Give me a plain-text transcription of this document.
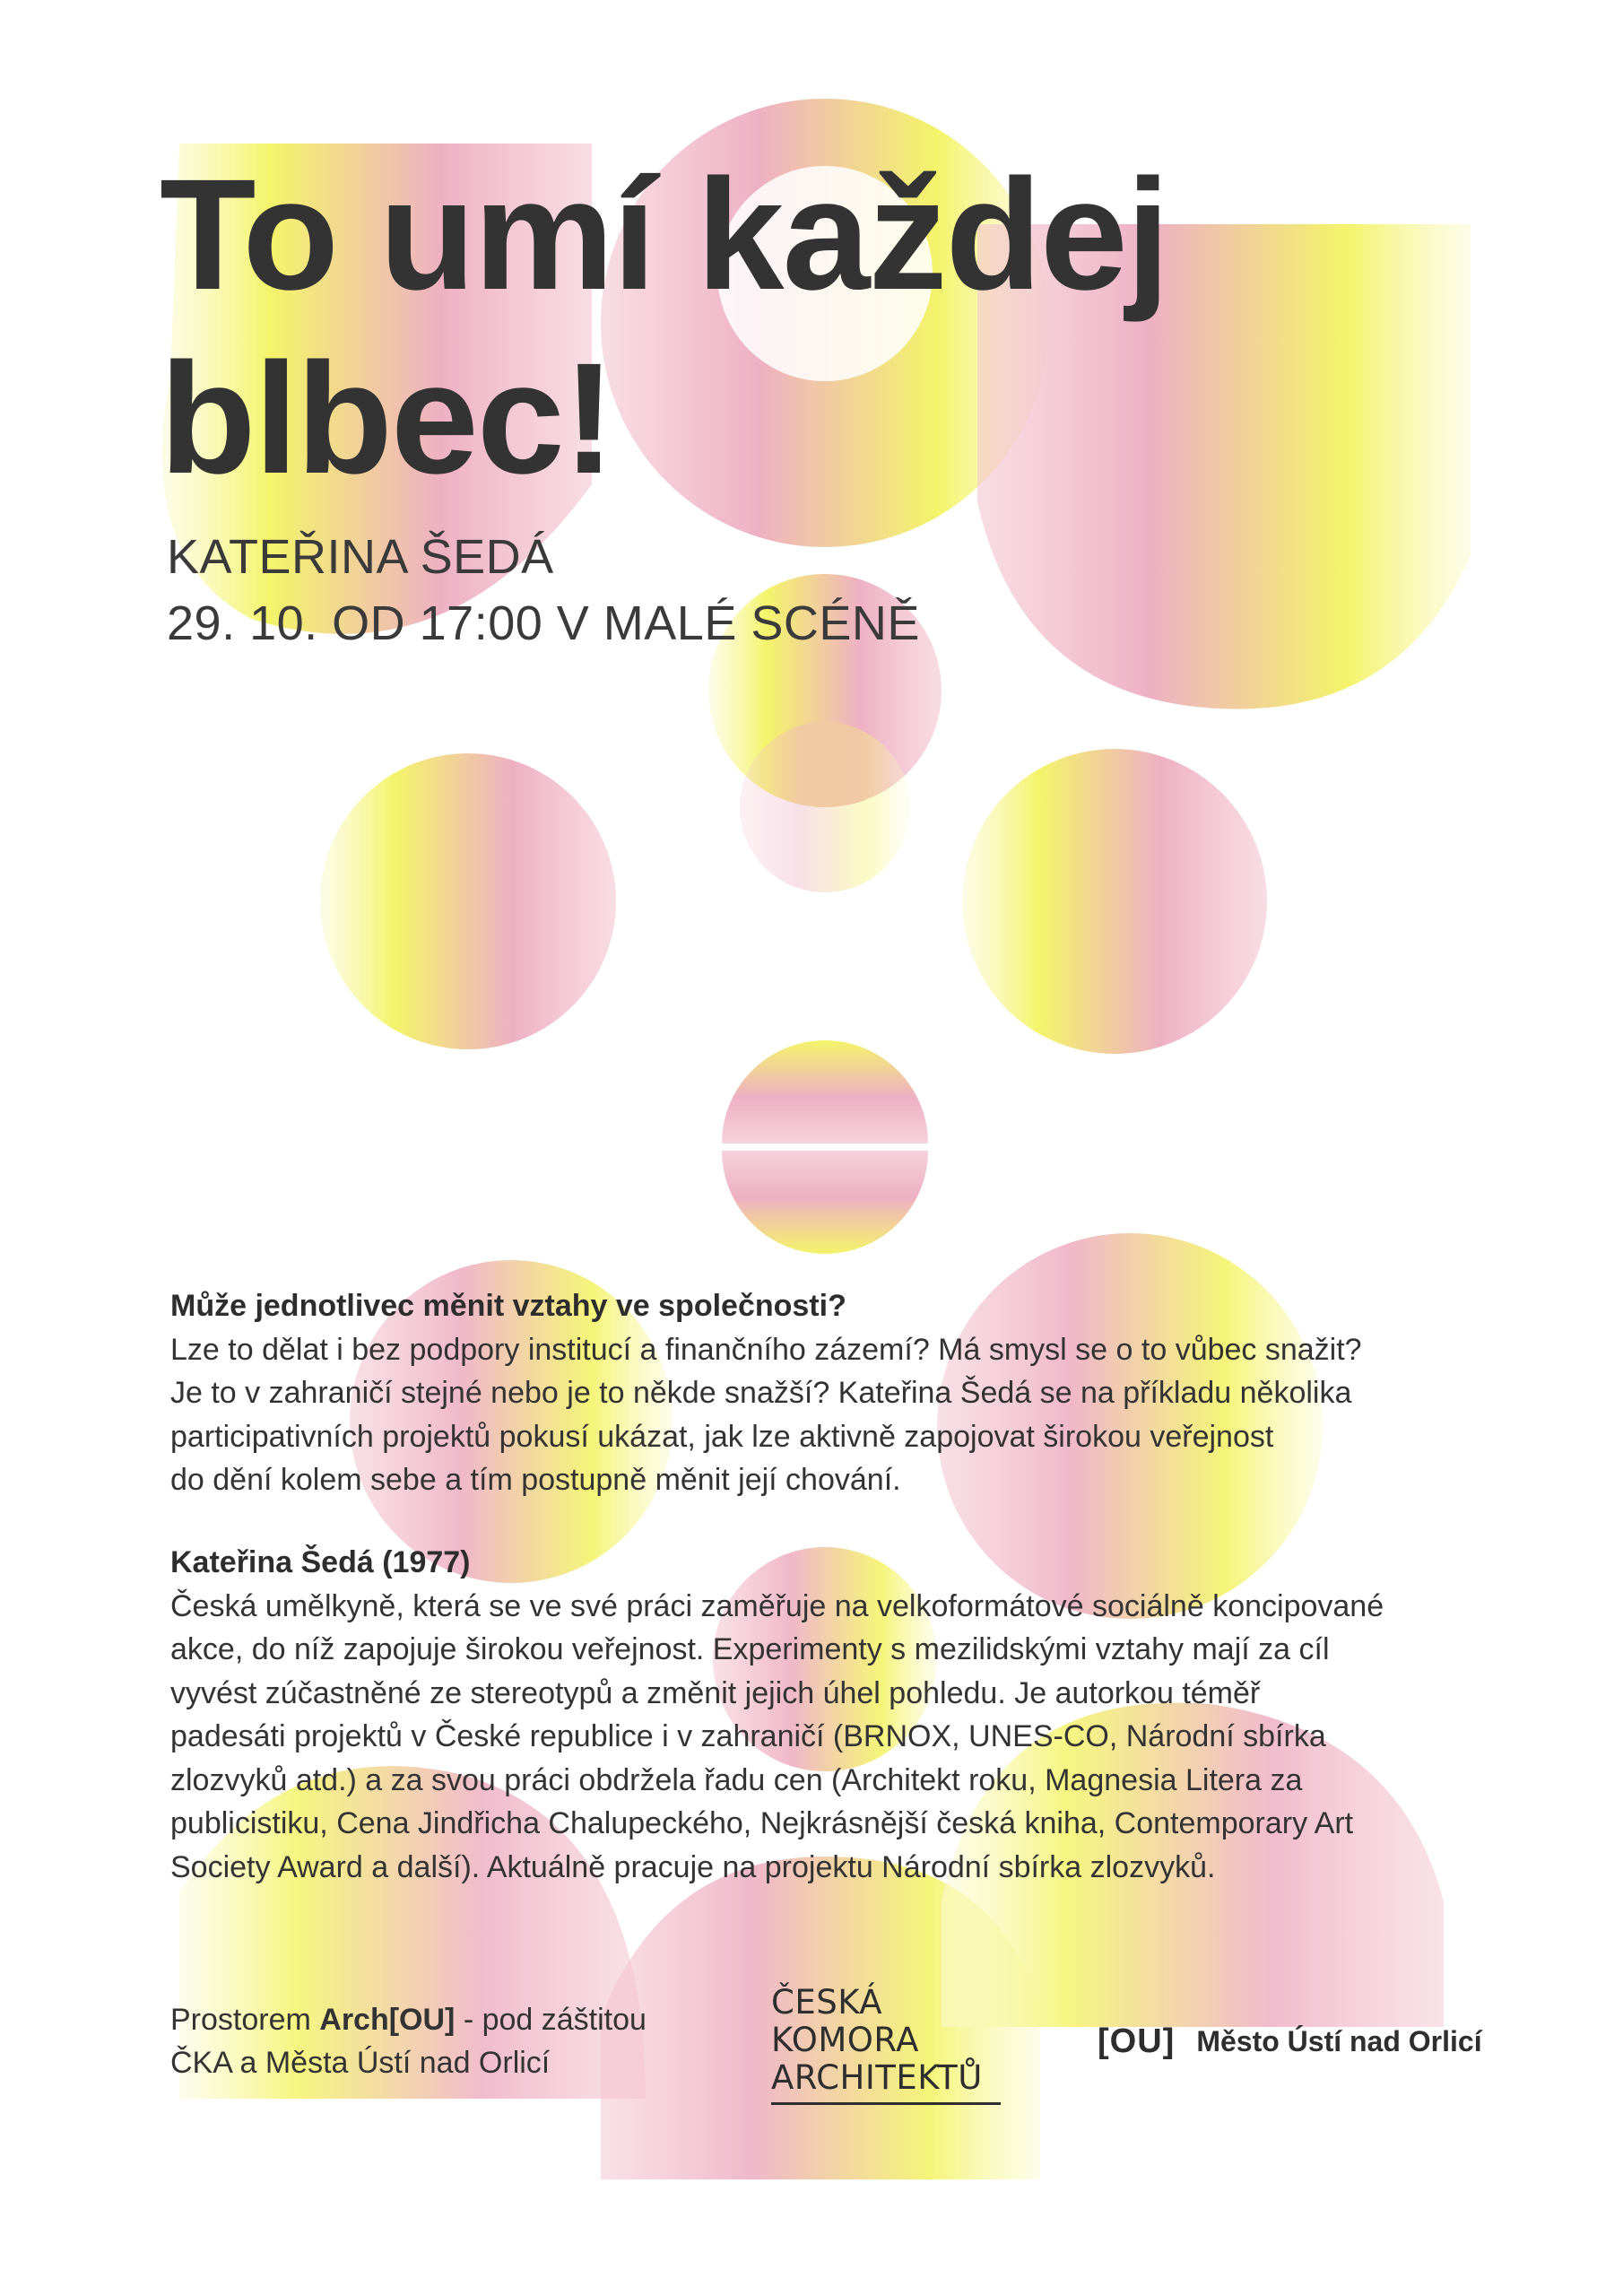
To umí každej
blbec!
KATEŘINA ŠEDÁ
29. 10. OD 17:00 V MALÉ SCÉNĚ
Může jednotlivec měnit vztahy ve společnosti?
Lze to dělat i bez podpory institucí a finančního zázemí? Má smysl se o to vůbec snažit?
Je to v zahraničí stejné nebo je to někde snažší? Kateřina Šedá se na příkladu několika
participativních projektů pokusí ukázat, jak lze aktivně zapojovat širokou veřejnost
do dění kolem sebe a tím postupně měnit její chování.
Kateřina Šedá (1977)
Česká umělkyně, která se ve své práci zaměřuje na velkoformátové sociálně koncipované
akce, do níž zapojuje širokou veřejnost. Experimenty s mezilidskými vztahy mají za cíl
vyvést zúčastněné ze stereotypů a změnit jejich úhel pohledu. Je autorkou téměř
padesáti projektů v České republice i v zahraničí (BRNOX, UNES-CO, Národní sbírka
zlozvyků atd.) a za svou práci obdržela řadu cen (Architekt roku, Magnesia Litera za
publicistiku, Cena Jindřicha Chalupeckého, Nejkrásnější česká kniha, Contemporary Art
Society Award a další). Aktuálně pracuje na projektu Národní sbírka zlozvyků.
Prostorem Arch[OU] - pod záštitou
ČKA a Města Ústí nad Orlicí
ČESKÁ
KOMORA
ARCHITEKTŮ
[OU] Město Ústí nad Orlicí
